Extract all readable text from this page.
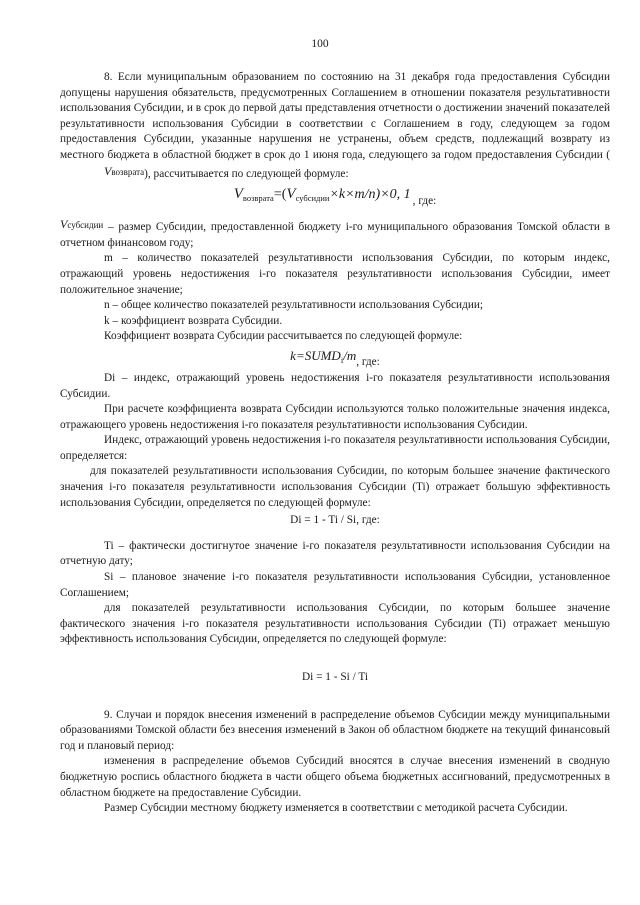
100

8. Если муниципальным образованием по состоянию на 31 декабря года предоставления Субсидии допущены нарушения обязательств, предусмотренных Соглашением в отношении показателя результативности использования Субсидии, и в срок до первой даты представления отчетности о достижении значений показателей результативности использования Субсидии в соответствии с Соглашением в году, следующем за годом предоставления Субсидии, указанные нарушения не устранены, объем средств, подлежащий возврату из местного бюджета в областной бюджет в срок до 1 июня года, следующего за годом предоставления Субсидии (Vвозврата), рассчитывается по следующей формуле:

$V_{возврата}=(V_{субсидии}\times k\times m/n)\times 0$, 1 $_{, где:}$

Vсубсидии – размер Субсидии, предоставленной бюджету i-го муниципального образования Томской области в отчетном финансовом году;

m – количество показателей результативности использования Субсидии, по которым индекс, отражающий уровень недостижения i-го показателя результативности использования Субсидии, имеет положительное значение;

n – общее количество показателей результативности использования Субсидии;

k – коэффициент возврата Субсидии.

Коэффициент возврата Субсидии рассчитывается по следующей формуле:

$k=SUMD_i/m$, где:

Di – индекс, отражающий уровень недостижения i-го показателя результативности использования Субсидии.

При расчете коэффициента возврата Субсидии используются только положительные значения индекса, отражающего уровень недостижения i-го показателя результативности использования Субсидии.

Индекс, отражающий уровень недостижения i-го показателя результативности использования Субсидии, определяется:

для показателей результативности использования Субсидии, по которым большее значение фактического значения i-го показателя результативности использования Субсидии (Ti) отражает большую эффективность использования Субсидии, определяется по следующей формуле:

Di = 1 - Ti / Si, где:

Ti – фактически достигнутое значение i-го показателя результативности использования Субсидии на отчетную дату;

Si – плановое значение i-го показателя результативности использования Субсидии, установленное Соглашением;

для показателей результативности использования Субсидии, по которым большее значение фактического значения i-го показателя результативности использования Субсидии (Ti) отражает меньшую эффективность использования Субсидии, определяется по следующей формуле:

Di = 1 - Si / Ti

9. Случаи и порядок внесения изменений в распределение объемов Субсидии между муниципальными образованиями Томской области без внесения изменений в Закон об областном бюджете на текущий финансовый год и плановый период:

изменения в распределение объемов Субсидий вносятся в случае внесения изменений в сводную бюджетную роспись областного бюджета в части общего объема бюджетных ассигнований, предусмотренных в областном бюджете на предоставление Субсидии.

Размер Субсидии местному бюджету изменяется в соответствии с методикой расчета Субсидии.
